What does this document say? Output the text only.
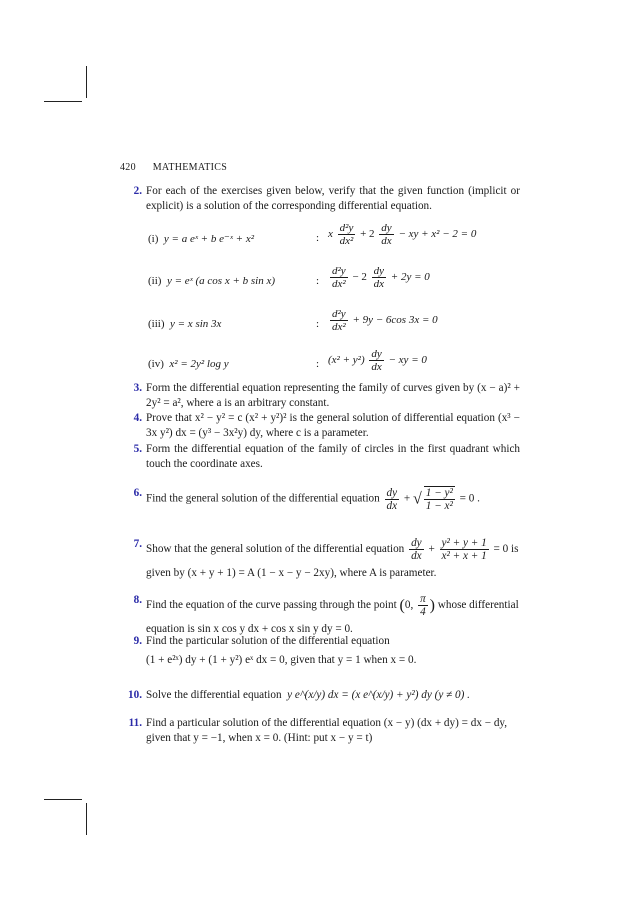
420 MATHEMATICS
2. For each of the exercises given below, verify that the given function (implicit or explicit) is a solution of the corresponding differential equation.
(i) y = a eˣ + b e⁻ˣ + x²	: x $\frac{\text{d²y}}{\text{dx²}} + 2 \frac{dy}{dx}$ − xy + x² − 2 = 0
(ii) y = eˣ (a cos x + b sin x)	: $\frac{\text{d²y}}{\text{dx²}} - 2 \frac{dy}{dx} + 2y = 0$
(iii) y = x sin 3x	: $\frac{\text{d²y}}{\text{dx²}} + 9y - 6\cos$ 3x = 0
(iv) x² = 2y² log y	: $(x^2 + y^2) \frac{dy}{dx}$ − xy = 0
3. Form the differential equation representing the family of curves given by (x − a)² + 2y² = a², where a is an arbitrary constant.
4. Prove that x² − y² = c (x² + y²)² is the general solution of differential equation (x³ − 3x y²) dx = (y³ − 3x²y) dy, where c is a parameter.
5. Form the differential equation of the family of circles in the first quadrant which touch the coordinate axes.
6. Find the general solution of the differential equation $\frac{dy}{dx}$ + √ $\frac{\text{1 − y²}}{\text{1 − x²}} = 0$ .
7. Show that the general solution of the differential equation $\frac{dy}{dx} + \frac{\text{y² + y + 1}}{\text{x² + x + 1}} = 0$ is
given by (x + y + 1) = A (1 − x − y − 2xy), where A is parameter.
8. Find the equation of the curve passing through the point (0, $\frac{\pi}{4}$ ) whose differential
equation is sin x cos y dx + cos x sin y dy = 0.
9. Find the particular solution of the differential equation
(1 + e²ˣ) dy + (1 + y²) eˣ dx = 0, given that y = 1 when x = 0.
10. Solve the differential equation y e^(x/y) dx = (x e^(x/y) + y²) dy (y ≠ 0) .
11. Find a particular solution of the differential equation (x − y) (dx + dy) = dx − dy,
given that y = −1, when x = 0. (Hint: put x − y = t)
